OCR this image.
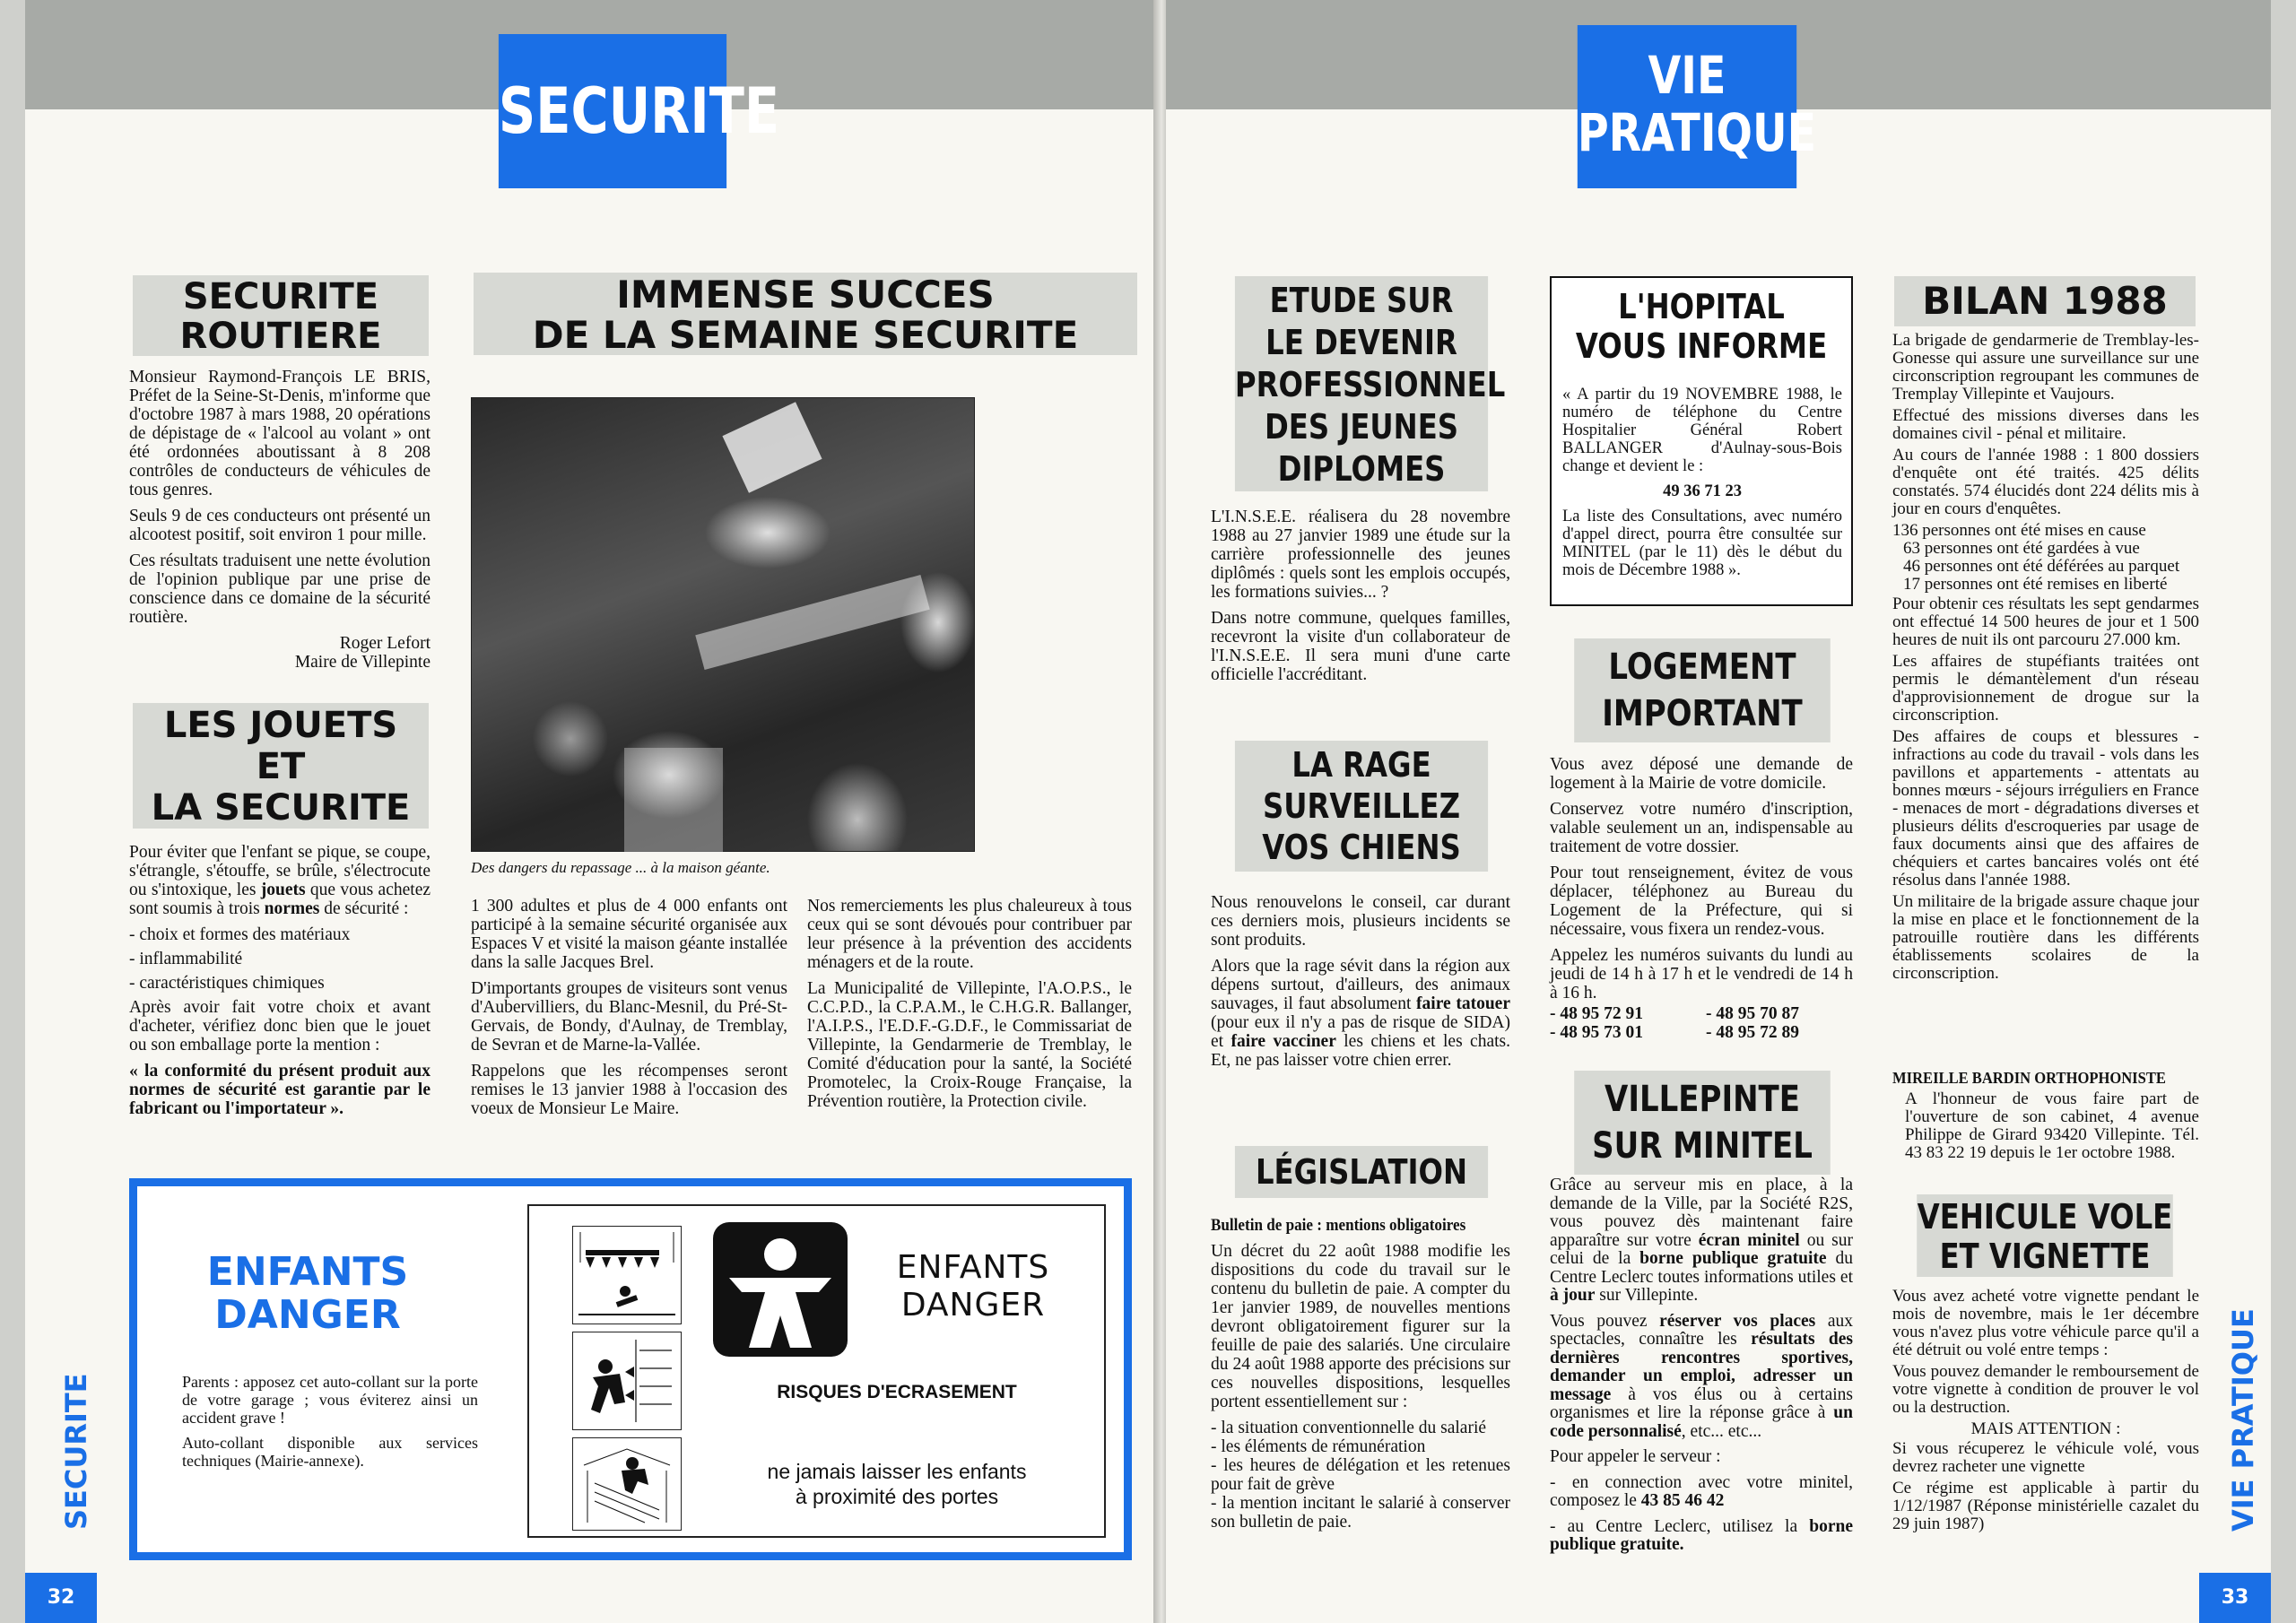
SECURITE
SECURITE
ROUTIERE

Monsieur Raymond-François LE BRIS, Préfet de la Seine-St-Denis, m'informe que d'octobre 1987 à mars 1988, 20 opérations de dépistage de « l'alcool au volant » ont été ordonnées aboutissant à 8 208 contrôles de conducteurs de véhicules de tous genres.

Seuls 9 de ces conducteurs ont présenté un alcootest positif, soit environ 1 pour mille.

Ces résultats traduisent une nette évolution de l'opinion publique par une prise de conscience dans ce domaine de la sécurité routière.

Roger Lefort
Maire de Villepinte
LES JOUETS
ET
LA SECURITE

Pour éviter que l'enfant se pique, se coupe, s'étrangle, s'étouffe, se brûle, s'électrocute ou s'intoxique, les jouets que vous achetez sont soumis à trois normes de sécurité :

- choix et formes des matériaux
- inflammabilité
- caractéristiques chimiques

Après avoir fait votre choix et avant d'acheter, vérifiez donc bien que le jouet ou son emballage porte la mention :

« la conformité du présent produit aux normes de sécurité est garantie par le fabricant ou l'importateur ».

IMMENSE SUCCES
DE LA SEMAINE SECURITE
Des dangers du repassage ... à la maison géante.

1 300 adultes et plus de 4 000 enfants ont participé à la semaine sécurité organisée aux Espaces V et visité la maison géante installée dans la salle Jacques Brel.

D'importants groupes de visiteurs sont venus d'Aubervilliers, du Blanc-Mesnil, du Pré-St-Gervais, de Bondy, d'Aulnay, de Tremblay, de Sevran et de Marne-la-Vallée.

Rappelons que les récompenses seront remises le 13 janvier 1988 à l'occasion des voeux de Monsieur Le Maire.

Nos remerciements les plus chaleureux à tous ceux qui se sont dévoués pour contribuer par leur présence à la prévention des accidents ménagers et de la route.

La Municipalité de Villepinte, l'A.O.P.S., le C.C.P.D., la C.P.A.M., le C.H.G.R. Ballanger, l'A.I.P.S., l'E.D.F.-G.D.F., le Commissariat de Villepinte, la Gendarmerie de Tremblay, le Comité d'éducation pour la santé, la Société Promotelec, la Croix-Rouge Française, la Prévention routière, la Protection civile.

ENFANTS
DANGER

Parents : apposez cet auto-collant sur la porte de votre garage ; vous éviterez ainsi un accident grave !

Auto-collant disponible aux services techniques (Mairie-annexe).

ENFANTS
DANGER
RISQUES D'ECRASEMENT
ne jamais laisser les enfants
à proximité des portes
SECURITE
32
VIE
PRATIQUE
ETUDE SUR
LE DEVENIR
PROFESSIONNEL
DES JEUNES
DIPLOMES

L'I.N.S.E.E. réalisera du 28 novembre 1988 au 27 janvier 1989 une étude sur la carrière professionnelle des jeunes diplômés : quels sont les emplois occupés, les formations suivies... ?

Dans notre commune, quelques familles, recevront la visite d'un collaborateur de l'I.N.S.E.E. Il sera muni d'une carte officielle l'accréditant.

LA RAGE
SURVEILLEZ
VOS CHIENS

Nous renouvelons le conseil, car durant ces derniers mois, plusieurs incidents se sont produits.

Alors que la rage sévit dans la région aux dépens surtout, d'ailleurs, des animaux sauvages, il faut absolument faire tatouer (pour eux il n'y a pas de risque de SIDA) et faire vacciner les chiens et les chats. Et, ne pas laisser votre chien errer.

LÉGISLATION

Bulletin de paie : mentions obligatoires

Un décret du 22 août 1988 modifie les dispositions du code du travail sur le contenu du bulletin de paie. A compter du 1er janvier 1989, de nouvelles mentions devront obligatoirement figurer sur la feuille de paie des salariés. Une circulaire du 24 août 1988 apporte des précisions sur ces nouvelles dispositions, lesquelles portent essentiellement sur :

- la situation conventionnelle du salarié
- les éléments de rémunération
- les heures de délégation et les retenues pour fait de grève
- la mention incitant le salarié à conserver son bulletin de paie.
L'HOPITAL
VOUS INFORME

« A partir du 19 NOVEMBRE 1988, le numéro de téléphone du Centre Hospitalier Général Robert BALLANGER d'Aulnay-sous-Bois change et devient le :

49 36 71 23

La liste des Consultations, avec numéro d'appel direct, pourra être consultée sur MINITEL (par le 11) dès le début du mois de Décembre 1988 ».

LOGEMENT
IMPORTANT

Vous avez déposé une demande de logement à la Mairie de votre domicile.

Conservez votre numéro d'inscription, valable seulement un an, indispensable au traitement de votre dossier.

Pour tout renseignement, évitez de vous déplacer, téléphonez au Bureau du Logement de la Préfecture, qui si nécessaire, vous fixera un rendez-vous.

Appelez les numéros suivants du lundi au jeudi de 14 h à 17 h et le vendredi de 14 h à 16 h.

- 48 95 72 91	- 48 95 70 87
- 48 95 73 01	- 48 95 72 89
VILLEPINTE
SUR MINITEL

Grâce au serveur mis en place, à la demande de la Ville, par la Société R2S, vous pouvez dès maintenant faire apparaître sur votre écran minitel ou sur celui de la borne publique gratuite du Centre Leclerc toutes informations utiles et à jour sur Villepinte.

Vous pouvez réserver vos places aux spectacles, connaître les résultats des dernières rencontres sportives, demander un emploi, adresser un message à vos élus ou à certains organismes et lire la réponse grâce à un code personnalisé, etc... etc...

Pour appeler le serveur :

- en connection avec votre minitel, composez le 43 85 46 42

- au Centre Leclerc, utilisez la borne publique gratuite.

BILAN 1988

La brigade de gendarmerie de Tremblay-les-Gonesse qui assure une surveillance sur une circonscription regroupant les communes de Tremplay Villepinte et Vaujours.

Effectué des missions diverses dans les domaines civil - pénal et militaire.

Au cours de l'année 1988 : 1 800 dossiers d'enquête ont été traités. 425 délits constatés. 574 élucidés dont 224 délits mis à jour en cours d'enquêtes.

136 personnes ont été mises en cause
63 personnes ont été gardées à vue
46 personnes ont été déférées au parquet
17 personnes ont été remises en liberté

Pour obtenir ces résultats les sept gendarmes ont effectué 14 500 heures de jour et 1 500 heures de nuit ils ont parcouru 27.000 km.

Les affaires de stupéfiants traitées ont permis le démantèlement d'un réseau d'approvisionnement de drogue sur la circonscription.

Des affaires de coups et blessures - infractions au code du travail - vols dans les pavillons et appartements - attentats au bonnes mœurs - séjours irréguliers en France - menaces de mort - dégradations diverses et plusieurs délits d'escroqueries par usage de faux documents ainsi que des affaires de chéquiers et cartes bancaires volés ont été résolus dans l'année 1988.

Un militaire de la brigade assure chaque jour la mise en place et le fonctionnement de la patrouille routière dans les différents établissements scolaires de la circonscription.

MIREILLE BARDIN ORTHOPHONISTE

A l'honneur de vous faire part de l'ouverture de son cabinet, 4 avenue Philippe de Girard 93420 Villepinte. Tél. 43 83 22 19 depuis le 1er octobre 1988.

VEHICULE VOLE
ET VIGNETTE

Vous avez acheté votre vignette pendant le mois de novembre, mais le 1er décembre vous n'avez plus votre véhicule parce qu'il a été détruit ou volé entre temps :

Vous pouvez demander le remboursement de votre vignette à condition de prouver le vol ou la destruction.

MAIS ATTENTION :

Si vous récuperez le véhicule volé, vous devrez racheter une vignette

Ce régime est applicable à partir du 1/12/1987 (Réponse ministérielle cazalet du 29 juin 1987)	VIE PRATIQUE
33
